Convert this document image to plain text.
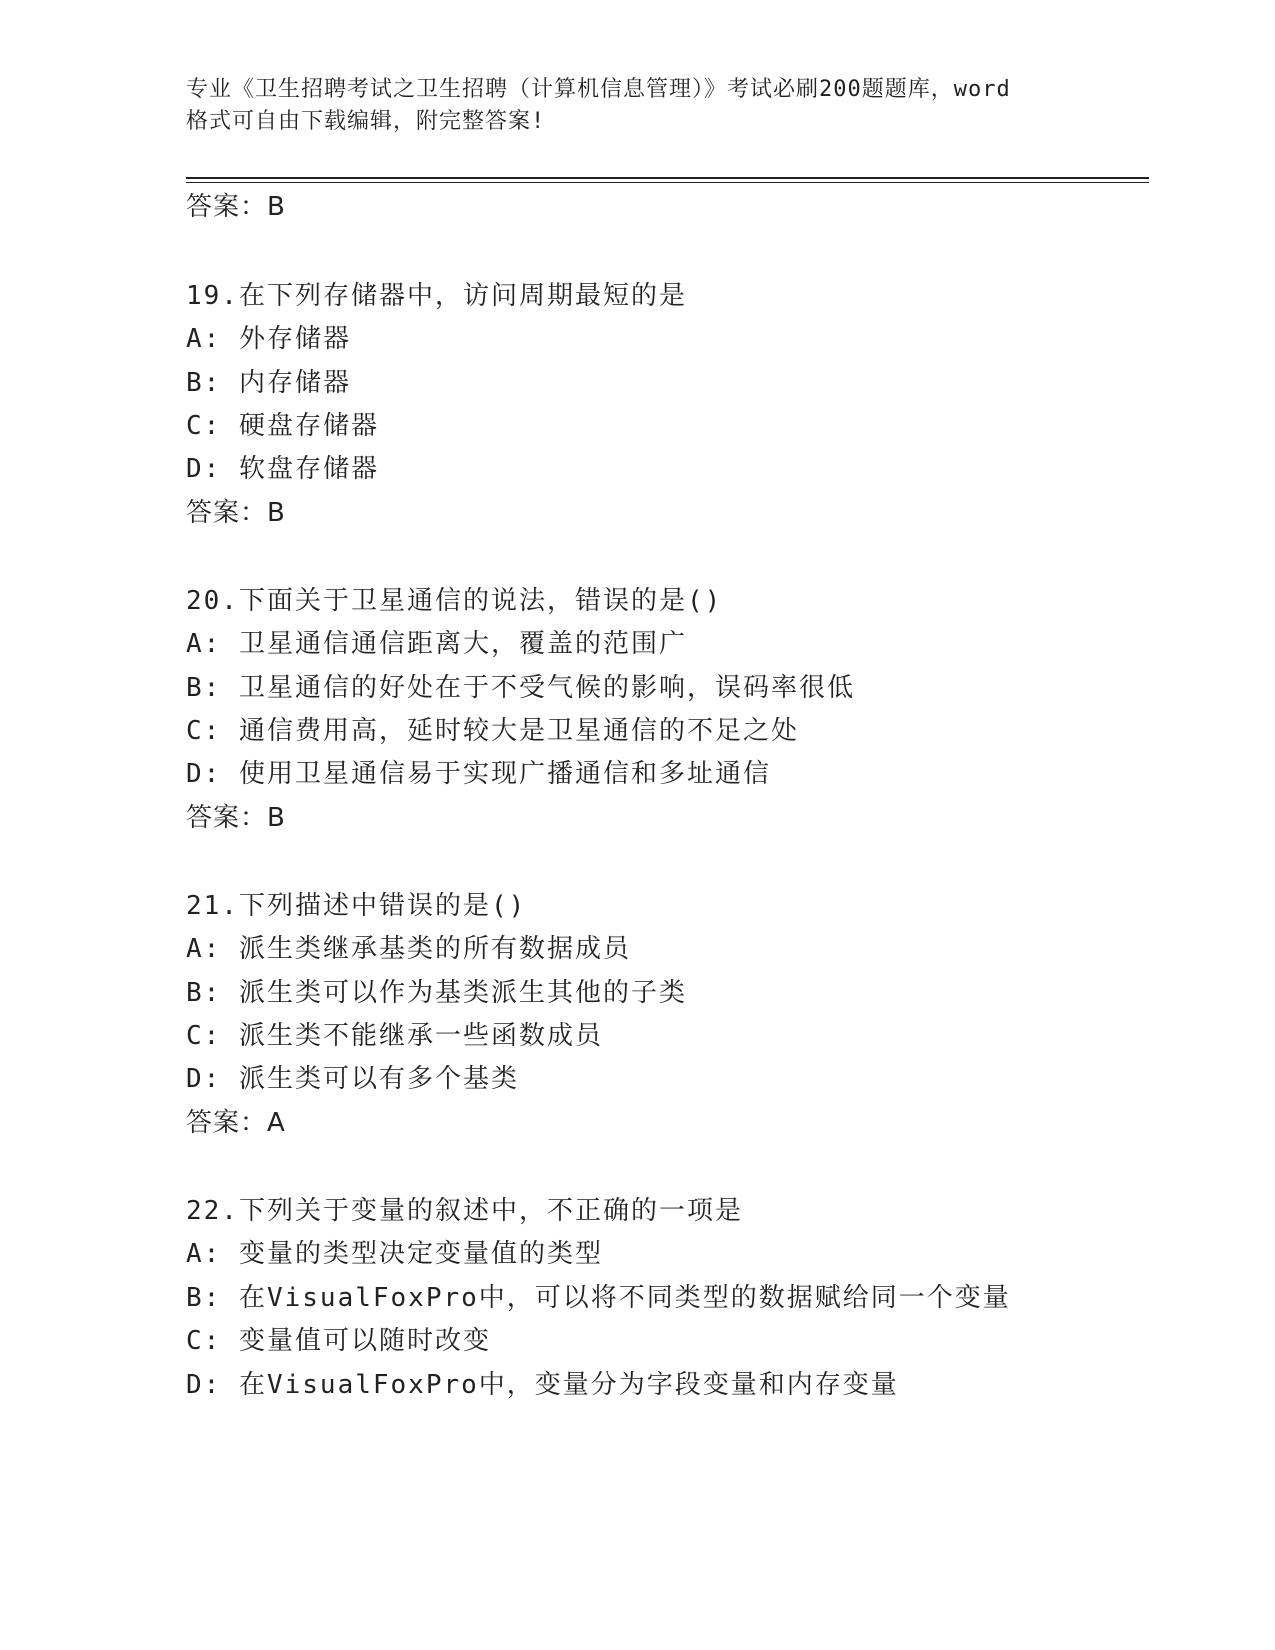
专业《卫生招聘考试之卫生招聘（计算机信息管理）》考试必刷200题题库，word
格式可自由下载编辑，附完整答案!
答案：B
19.在下列存储器中，访问周期最短的是
A: 外存储器
B: 内存储器
C: 硬盘存储器
D: 软盘存储器
答案：B
20.下面关于卫星通信的说法，错误的是()
A: 卫星通信通信距离大，覆盖的范围广
B: 卫星通信的好处在于不受气候的影响，误码率很低
C: 通信费用高，延时较大是卫星通信的不足之处
D: 使用卫星通信易于实现广播通信和多址通信
答案：B
21.下列描述中错误的是()
A: 派生类继承基类的所有数据成员
B: 派生类可以作为基类派生其他的子类
C: 派生类不能继承一些函数成员
D: 派生类可以有多个基类
答案：A
22.下列关于变量的叙述中，不正确的一项是
A: 变量的类型决定变量值的类型
B: 在VisualFoxPro中，可以将不同类型的数据赋给同一个变量
C: 变量值可以随时改变
D: 在VisualFoxPro中，变量分为字段变量和内存变量
